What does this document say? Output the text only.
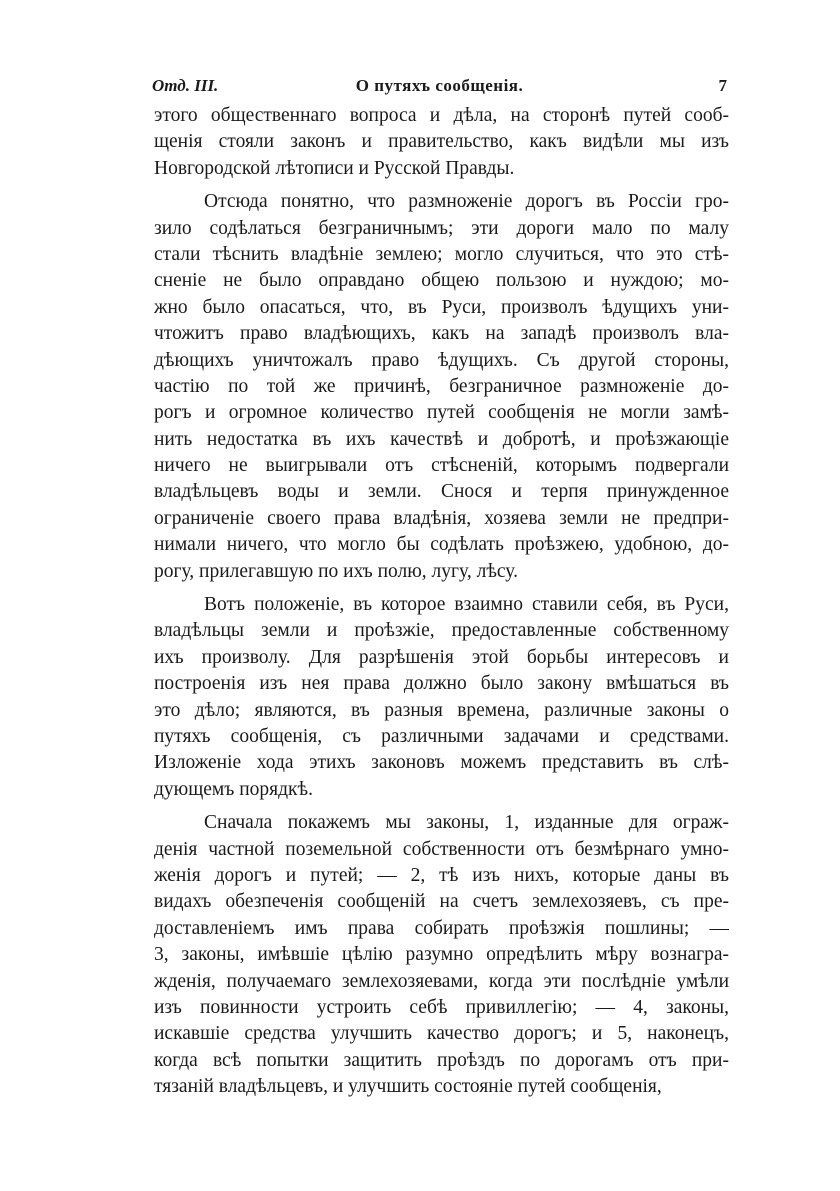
Отд. III.	О путяхъ сообщенія.	7
этого общественнаго вопроса и дѣла, на сторонѣ путей сооб-
щенія стояли законъ и правительство, какъ видѣли мы изъ
Новгородской лѣтописи и Русской Правды.
Отсюда понятно, что размноженіе дорогъ въ Россіи гро-
зило содѣлаться безграничнымъ; эти дороги мало по малу
стали тѣснить владѣніе землею; могло случиться, что это стѣ-
сненіе не было оправдано общею пользою и нуждою; мо-
жно было опасаться, что, въ Руси, произволъ ѣдущихъ уни-
чтожитъ право владѣющихъ, какъ на западѣ произволъ вла-
дѣющихъ уничтожалъ право ѣдущихъ. Съ другой стороны,
частію по той же причинѣ, безграничное размноженіе до-
рогъ и огромное количество путей сообщенія не могли замѣ-
нить недостатка въ ихъ качествѣ и добротѣ, и проѣзжающіе
ничего не выигрывали отъ стѣсненій, которымъ подвергали
владѣльцевъ воды и земли. Снося и терпя принужденное
ограниченіе своего права владѣнія, хозяева земли не предпри-
нимали ничего, что могло бы содѣлать проѣзжею, удобною, до-
рогу, прилегавшую по ихъ полю, лугу, лѣсу.
Вотъ положеніе, въ которое взаимно ставили себя, въ Руси,
владѣльцы земли и проѣзжіе, предоставленные собственному
ихъ произволу. Для разрѣшенія этой борьбы интересовъ и
построенія изъ нея права должно было закону вмѣшаться въ
это дѣло; являются, въ разныя времена, различные законы о
путяхъ сообщенія, съ различными задачами и средствами.
Изложеніе хода этихъ законовъ можемъ представить въ слѣ-
дующемъ порядкѣ.
Сначала покажемъ мы законы, 1, изданные для ограж-
денія частной поземельной собственности отъ безмѣрнаго умно-
женія дорогъ и путей; — 2, тѣ изъ нихъ, которые даны въ
видахъ обезпеченія сообщеній на счетъ землехозяевъ, съ пре-
доставленіемъ имъ права собирать проѣзжія пошлины; —
3, законы, имѣвшіе цѣлію разумно опредѣлить мѣру вознагра-
жденія, получаемаго землехозяевами, когда эти послѣдніе умѣли
изъ повинности устроить себѣ привиллегію; — 4, законы,
искавшіе средства улучшить качество дорогъ; и 5, наконецъ,
когда всѣ попытки защитить проѣздъ по дорогамъ отъ при-
тязаній владѣльцевъ, и улучшить состояніе путей сообщенія,
